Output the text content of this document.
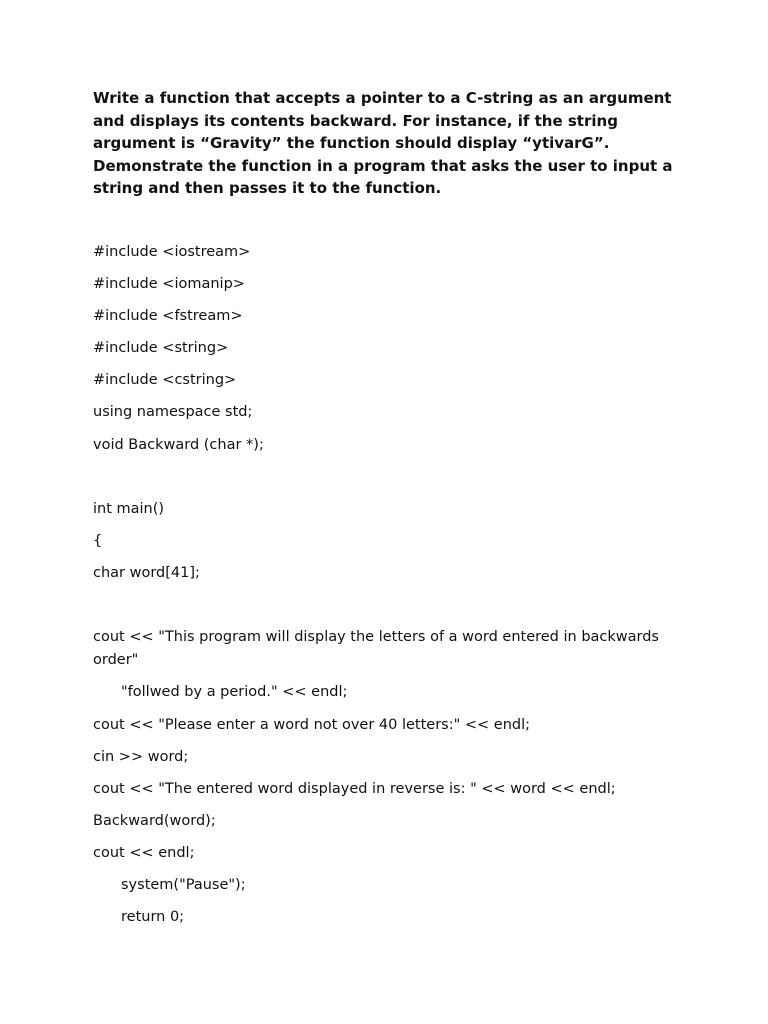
Write a function that accepts a pointer to a C-string as an argument and displays its contents backward. For instance, if the string argument is “Gravity” the function should display “ytivarG”. Demonstrate the function in a program that asks the user to input a string and then passes it to the function.

#include <iostream>

#include <iomanip>

#include <fstream>

#include <string>

#include <cstring>

using namespace std;

void Backward (char *);

int main()

{

char word[41];

cout << "This program will display the letters of a word entered in backwards order"

"follwed by a period." << endl;

cout << "Please enter a word not over 40 letters:" << endl;

cin >> word;

cout << "The entered word displayed in reverse is: " << word << endl;

Backward(word);

cout << endl;

system("Pause");

return 0;
